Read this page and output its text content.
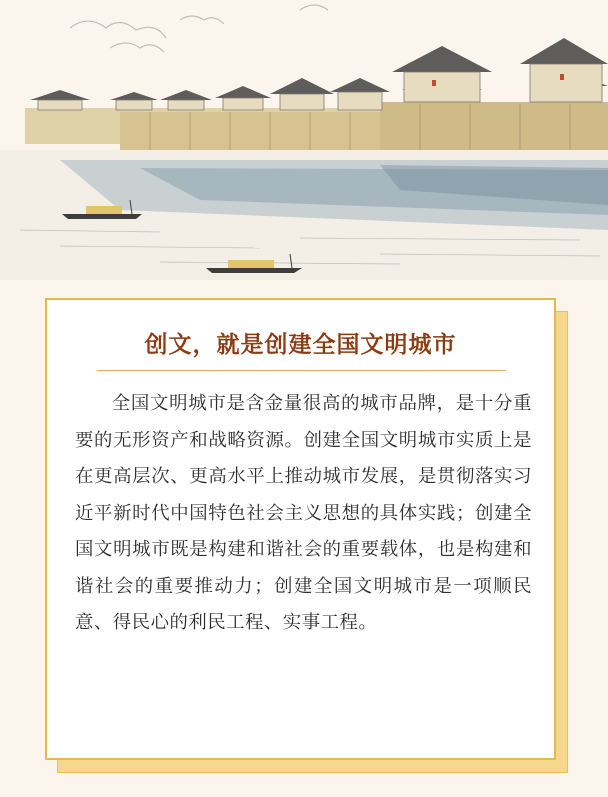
创文，就是创建全国文明城市

全国文明城市是含金量很高的城市品牌，是十分重要的无形资产和战略资源。创建全国文明城市实质上是在更高层次、更高水平上推动城市发展，是贯彻落实习近平新时代中国特色社会主义思想的具体实践；创建全国文明城市既是构建和谐社会的重要载体，也是构建和谐社会的重要推动力；创建全国文明城市是一项顺民意、得民心的利民工程、实事工程。
